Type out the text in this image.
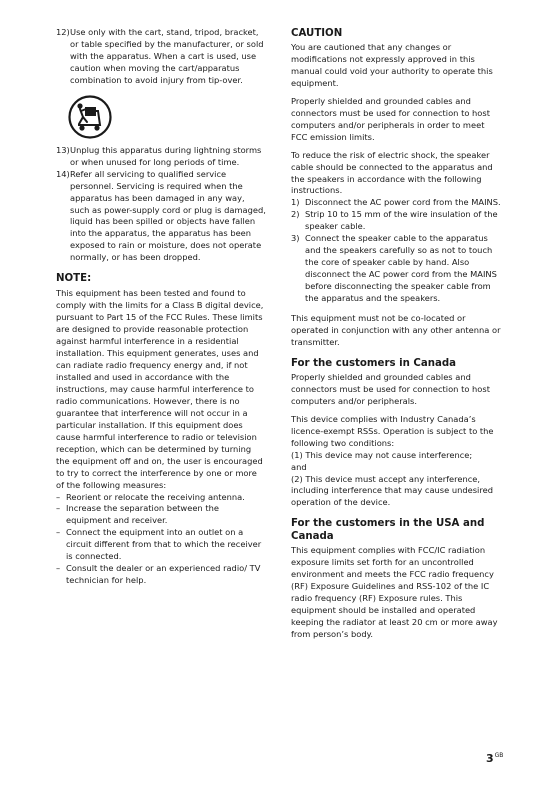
12) Use only with the cart, stand, tripod, bracket, or table specified by the manufacturer, or sold with the apparatus. When a cart is used, use caution when moving the cart/apparatus combination to avoid injury from tip-over.

13) Unplug this apparatus during lightning storms or when unused for long periods of time.

14) Refer all servicing to qualified service personnel. Servicing is required when the apparatus has been damaged in any way, such as power-supply cord or plug is damaged, liquid has been spilled or objects have fallen into the apparatus, the apparatus has been exposed to rain or moisture, does not operate normally, or has been dropped.

NOTE:

This equipment has been tested and found to comply with the limits for a Class B digital device, pursuant to Part 15 of the FCC Rules. These limits are designed to provide reasonable protection against harmful interference in a residential installation. This equipment generates, uses and can radiate radio frequency energy and, if not installed and used in accordance with the instructions, may cause harmful interference to radio communications. However, there is no guarantee that interference will not occur in a particular installation. If this equipment does cause harmful interference to radio or television reception, which can be determined by turning the equipment off and on, the user is encouraged to try to correct the interference by one or more of the following measures:

– Reorient or relocate the receiving antenna.

– Increase the separation between the equipment and receiver.

– Connect the equipment into an outlet on a circuit different from that to which the receiver is connected.

– Consult the dealer or an experienced radio/ TV technician for help.

CAUTION

You are cautioned that any changes or modifications not expressly approved in this manual could void your authority to operate this equipment.

Properly shielded and grounded cables and connectors must be used for connection to host computers and/or peripherals in order to meet FCC emission limits.

To reduce the risk of electric shock, the speaker cable should be connected to the apparatus and the speakers in accordance with the following instructions.

1) Disconnect the AC power cord from the MAINS.

2) Strip 10 to 15 mm of the wire insulation of the speaker cable.

3) Connect the speaker cable to the apparatus and the speakers carefully so as not to touch the core of speaker cable by hand. Also disconnect the AC power cord from the MAINS before disconnecting the speaker cable from the apparatus and the speakers.

This equipment must not be co-located or operated in conjunction with any other antenna or transmitter.

For the customers in Canada

Properly shielded and grounded cables and connectors must be used for connection to host computers and/or peripherals.

This device complies with Industry Canada’s licence-exempt RSSs. Operation is subject to the following two conditions:

(1) This device may not cause interference;

and

(2) This device must accept any interference, including interference that may cause undesired operation of the device.

For the customers in the USA and Canada

This equipment complies with FCC/IC radiation exposure limits set forth for an uncontrolled environment and meets the FCC radio frequency (RF) Exposure Guidelines and RSS-102 of the IC radio frequency (RF) Exposure rules. This equipment should be installed and operated keeping the radiator at least 20 cm or more away from person’s body.

$3^{GB}$
